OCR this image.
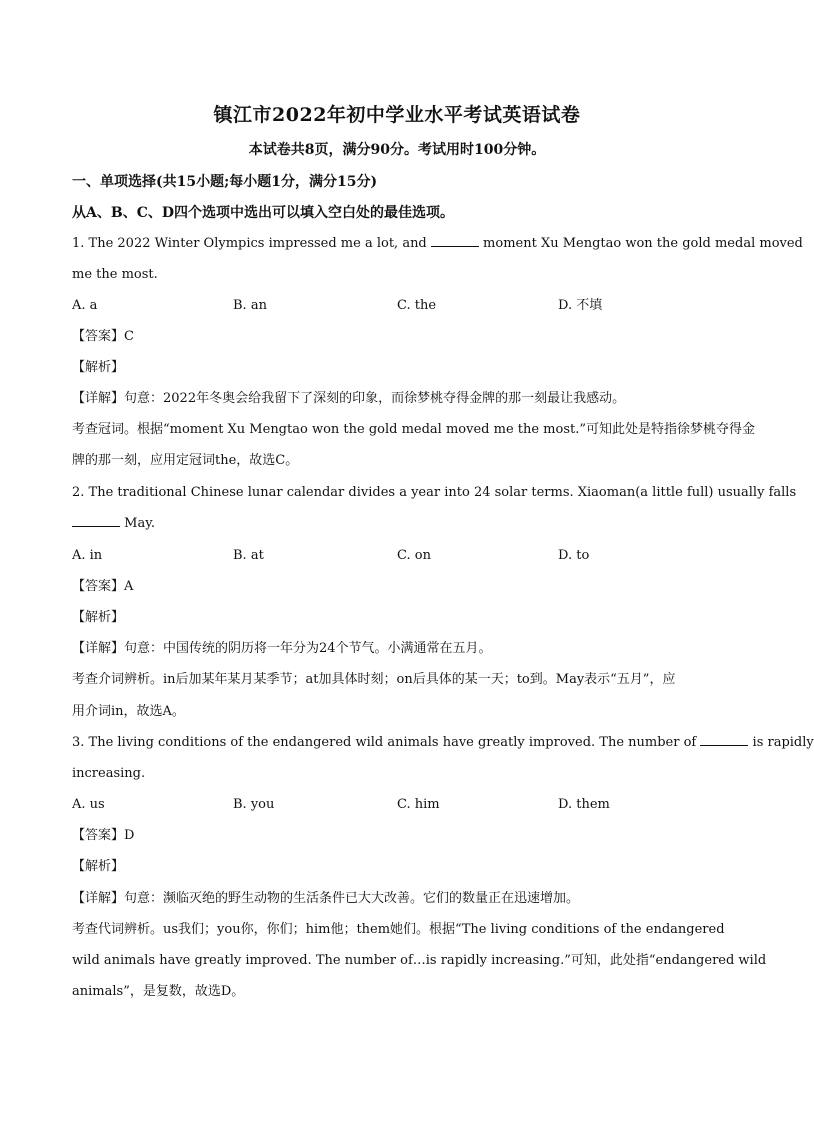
镇江市2022年初中学业水平考试英语试卷
本试卷共8页，满分90分。考试用时100分钟。
一、单项选择(共15小题;每小题1分，满分15分)
从A、B、C、D四个选项中选出可以填入空白处的最佳选项。
1. The 2022 Winter Olympics impressed me a lot, and	moment Xu Mengtao won the gold medal moved
me the most.
A. a	B. an	C. the	D. 不填
【答案】C
【解析】
【详解】句意：2022年冬奥会给我留下了深刻的印象，而徐梦桃夺得金牌的那一刻最让我感动。
考查冠词。根据“moment Xu Mengtao won the gold medal moved me the most.”可知此处是特指徐梦桃夺得金
牌的那一刻，应用定冠词the，故选C。
2. The traditional Chinese lunar calendar divides a year into 24 solar terms. Xiaoman(a little full) usually falls
May.
A. in	B. at	C. on	D. to
【答案】A
【解析】
【详解】句意：中国传统的阴历将一年分为24个节气。小满通常在五月。
考查介词辨析。in后加某年某月某季节；at加具体时刻；on后具体的某一天；to到。May表示“五月”，应
用介词in，故选A。
3. The living conditions of the endangered wild animals have greatly improved. The number of	is rapidly
increasing.
A. us	B. you	C. him	D. them
【答案】D
【解析】
【详解】句意：濒临灭绝的野生动物的生活条件已大大改善。它们的数量正在迅速增加。
考查代词辨析。us我们；you你，你们；him他；them她们。根据“The living conditions of the endangered
wild animals have greatly improved. The number of…is rapidly increasing.”可知，此处指“endangered wild
animals”，是复数，故选D。
